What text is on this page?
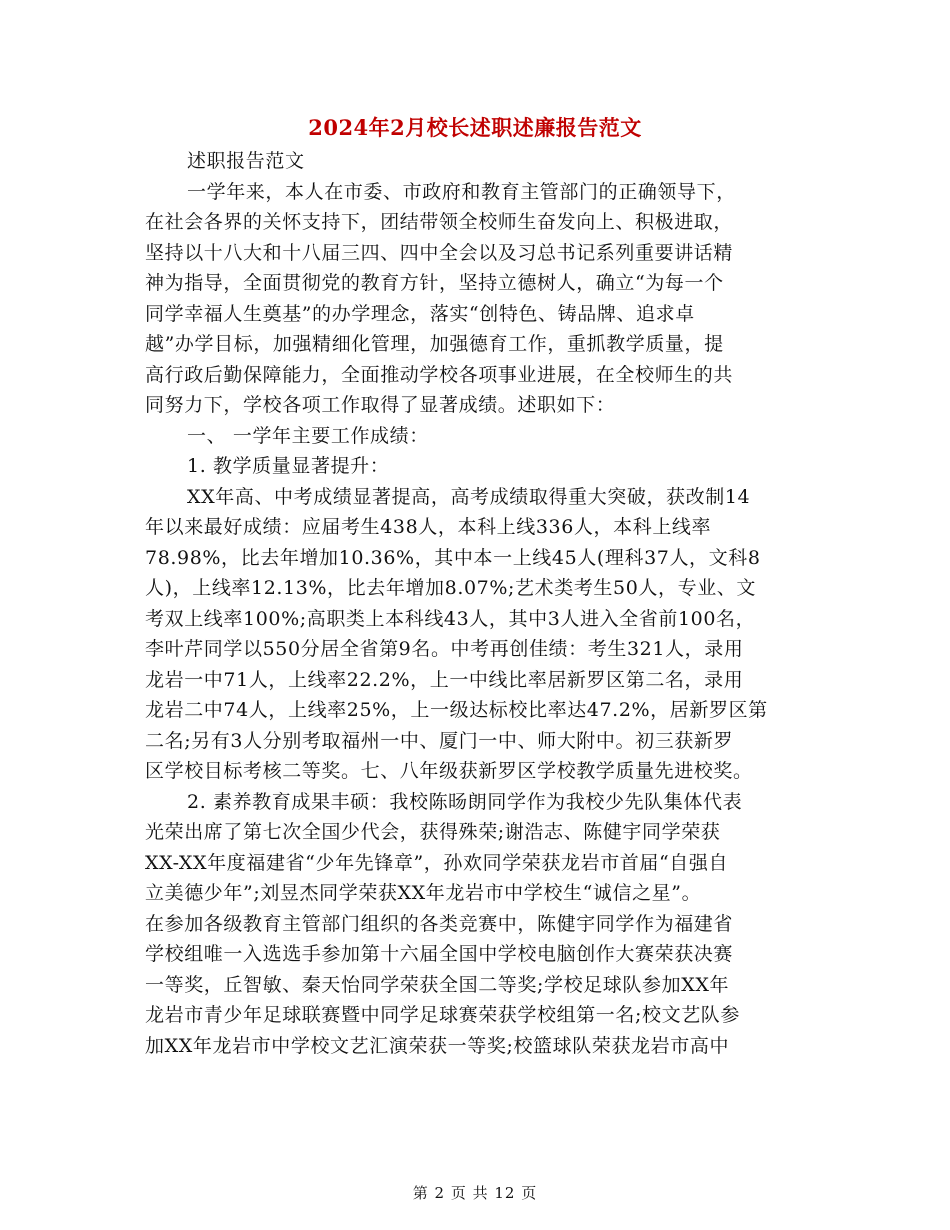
2024年2月校长述职述廉报告范文
述职报告范文
一学年来，本人在市委、市政府和教育主管部门的正确领导下，
在社会各界的关怀支持下，团结带领全校师生奋发向上、积极进取，
坚持以十八大和十八届三四、四中全会以及习总书记系列重要讲话精
神为指导，全面贯彻党的教育方针，坚持立德树人，确立“为每一个
同学幸福人生奠基”的办学理念，落实“创特色、铸品牌、追求卓
越”办学目标，加强精细化管理，加强德育工作，重抓教学质量，提
高行政后勤保障能力，全面推动学校各项事业进展，在全校师生的共
同努力下，学校各项工作取得了显著成绩。述职如下：
一、 一学年主要工作成绩：
1. 教学质量显著提升：
XX年高、中考成绩显著提高，高考成绩取得重大突破，获改制14
年以来最好成绩：应届考生438人，本科上线336人，本科上线率
78.98%，比去年增加10.36%，其中本一上线45人(理科37人，文科8
人)，上线率12.13%，比去年增加8.07%;艺术类考生50人，专业、文
考双上线率100%;高职类上本科线43人，其中3人进入全省前100名，
李叶芹同学以550分居全省第9名。中考再创佳绩：考生321人，录用
龙岩一中71人，上线率22.2%，上一中线比率居新罗区第二名，录用
龙岩二中74人，上线率25%，上一级达标校比率达47.2%，居新罗区第
二名;另有3人分别考取福州一中、厦门一中、师大附中。初三获新罗
区学校目标考核二等奖。七、八年级获新罗区学校教学质量先进校奖。
2. 素养教育成果丰硕：我校陈旸朗同学作为我校少先队集体代表
光荣出席了第七次全国少代会，获得殊荣;谢浩志、陈健宇同学荣获
XX-XX年度福建省“少年先锋章”，孙欢同学荣获龙岩市首届“自强自
立美德少年”;刘昱杰同学荣获XX年龙岩市中学校生“诚信之星”。
在参加各级教育主管部门组织的各类竞赛中，陈健宇同学作为福建省
学校组唯一入选选手参加第十六届全国中学校电脑创作大赛荣获决赛
一等奖，丘智敏、秦天怡同学荣获全国二等奖;学校足球队参加XX年
龙岩市青少年足球联赛暨中同学足球赛荣获学校组第一名;校文艺队参
加XX年龙岩市中学校文艺汇演荣获一等奖;校篮球队荣获龙岩市高中
第 2 页 共 12 页
